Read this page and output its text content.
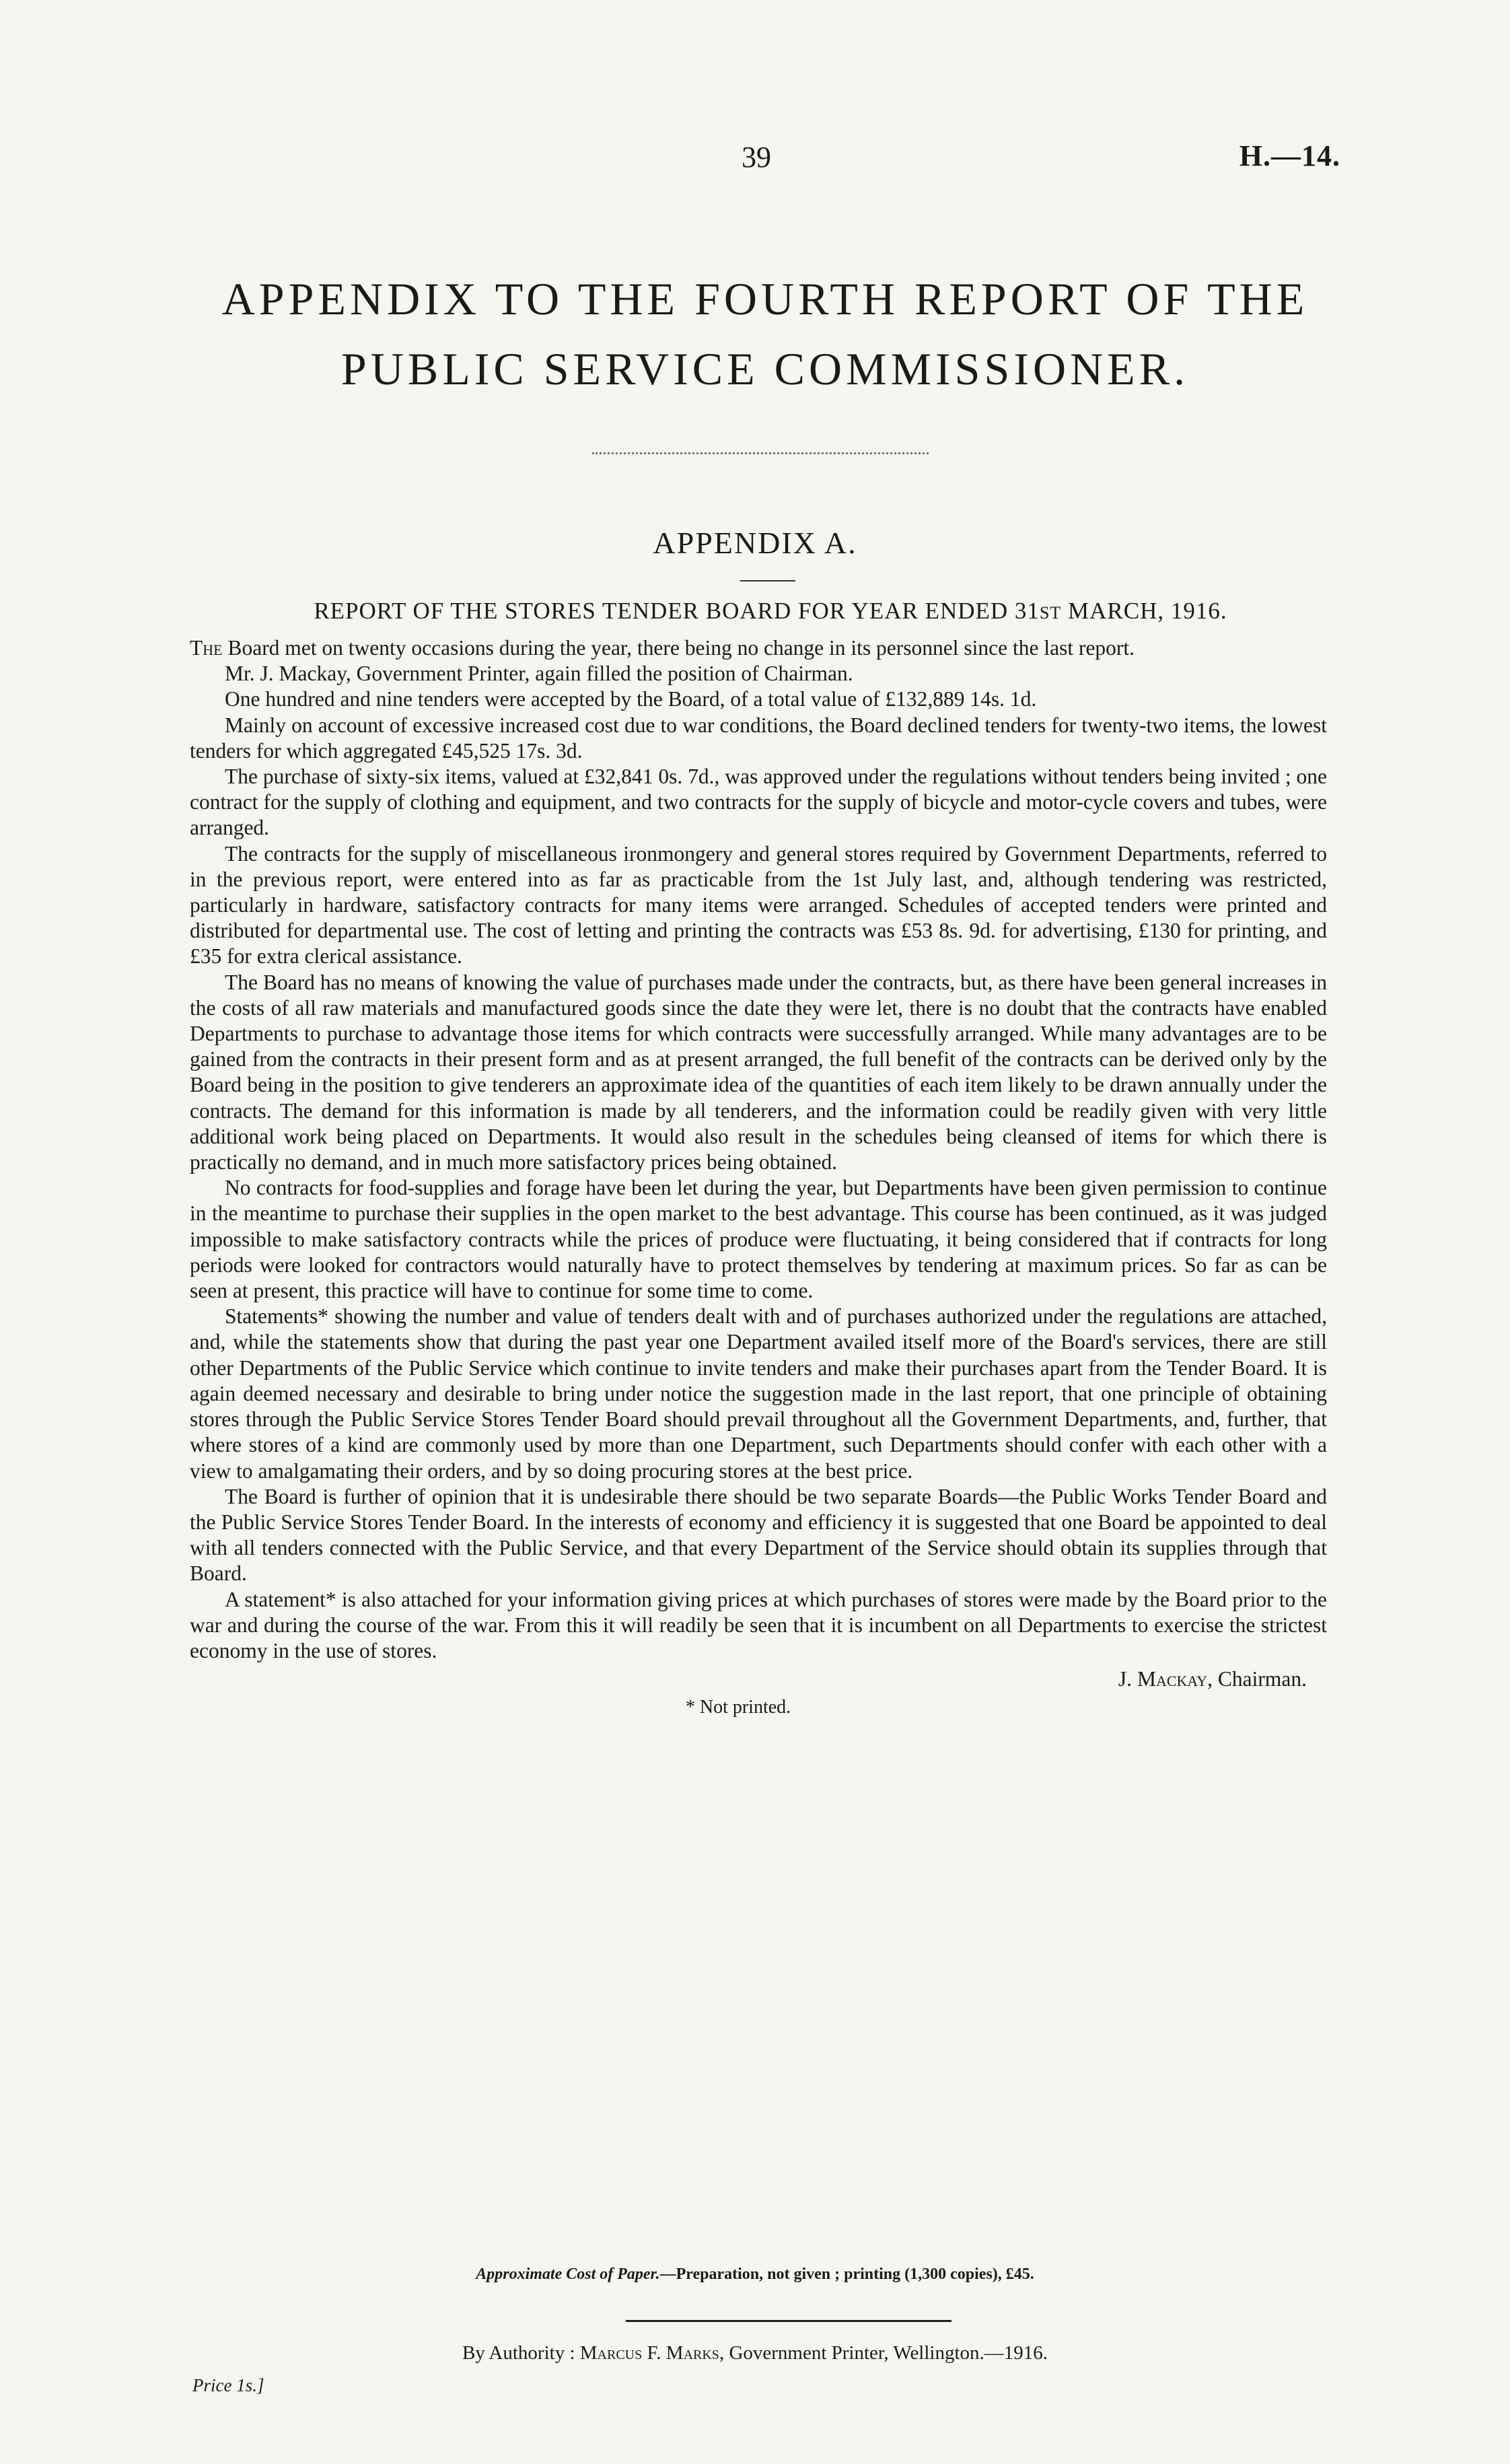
39	H.—14.
APPENDIX TO THE FOURTH REPORT OF THE
PUBLIC SERVICE COMMISSIONER.
APPENDIX A.
REPORT OF THE STORES TENDER BOARD FOR YEAR ENDED 31ST MARCH, 1916.

The Board met on twenty occasions during the year, there being no change in its personnel since the last report.

Mr. J. Mackay, Government Printer, again filled the position of Chairman.

One hundred and nine tenders were accepted by the Board, of a total value of £132,889 14s. 1d.

Mainly on account of excessive increased cost due to war conditions, the Board declined tenders for twenty-two items, the lowest tenders for which aggregated £45,525 17s. 3d.

The purchase of sixty-six items, valued at £32,841 0s. 7d., was approved under the regulations without tenders being invited ; one contract for the supply of clothing and equipment, and two contracts for the supply of bicycle and motor-cycle covers and tubes, were arranged.

The contracts for the supply of miscellaneous ironmongery and general stores required by Government Departments, referred to in the previous report, were entered into as far as practicable from the 1st July last, and, although tendering was restricted, particularly in hardware, satisfactory contracts for many items were arranged. Schedules of accepted tenders were printed and distributed for departmental use. The cost of letting and printing the contracts was £53 8s. 9d. for advertising, £130 for printing, and £35 for extra clerical assistance.

The Board has no means of knowing the value of purchases made under the contracts, but, as there have been general increases in the costs of all raw materials and manufactured goods since the date they were let, there is no doubt that the contracts have enabled Departments to purchase to advantage those items for which contracts were successfully arranged. While many advantages are to be gained from the contracts in their present form and as at present arranged, the full benefit of the contracts can be derived only by the Board being in the position to give tenderers an approximate idea of the quantities of each item likely to be drawn annually under the contracts. The demand for this information is made by all tenderers, and the information could be readily given with very little additional work being placed on Departments. It would also result in the schedules being cleansed of items for which there is practically no demand, and in much more satisfactory prices being obtained.

No contracts for food-supplies and forage have been let during the year, but Departments have been given permission to continue in the meantime to purchase their supplies in the open market to the best advantage. This course has been continued, as it was judged impossible to make satisfactory contracts while the prices of produce were fluctuating, it being considered that if contracts for long periods were looked for contractors would naturally have to protect themselves by tendering at maximum prices. So far as can be seen at present, this practice will have to continue for some time to come.

Statements* showing the number and value of tenders dealt with and of purchases authorized under the regulations are attached, and, while the statements show that during the past year one Department availed itself more of the Board's services, there are still other Departments of the Public Service which continue to invite tenders and make their purchases apart from the Tender Board. It is again deemed necessary and desirable to bring under notice the suggestion made in the last report, that one principle of obtaining stores through the Public Service Stores Tender Board should prevail throughout all the Government Departments, and, further, that where stores of a kind are commonly used by more than one Department, such Departments should confer with each other with a view to amalgamating their orders, and by so doing procuring stores at the best price.

The Board is further of opinion that it is undesirable there should be two separate Boards—the Public Works Tender Board and the Public Service Stores Tender Board. In the interests of economy and efficiency it is suggested that one Board be appointed to deal with all tenders connected with the Public Service, and that every Department of the Service should obtain its supplies through that Board.

A statement* is also attached for your information giving prices at which purchases of stores were made by the Board prior to the war and during the course of the war. From this it will readily be seen that it is incumbent on all Departments to exercise the strictest economy in the use of stores.

J. Mackay, Chairman.
* Not printed.
Approximate Cost of Paper.—Preparation, not given ; printing (1,300 copies), £45.
By Authority : Marcus F. Marks, Government Printer, Wellington.—1916.
Price 1s.]
